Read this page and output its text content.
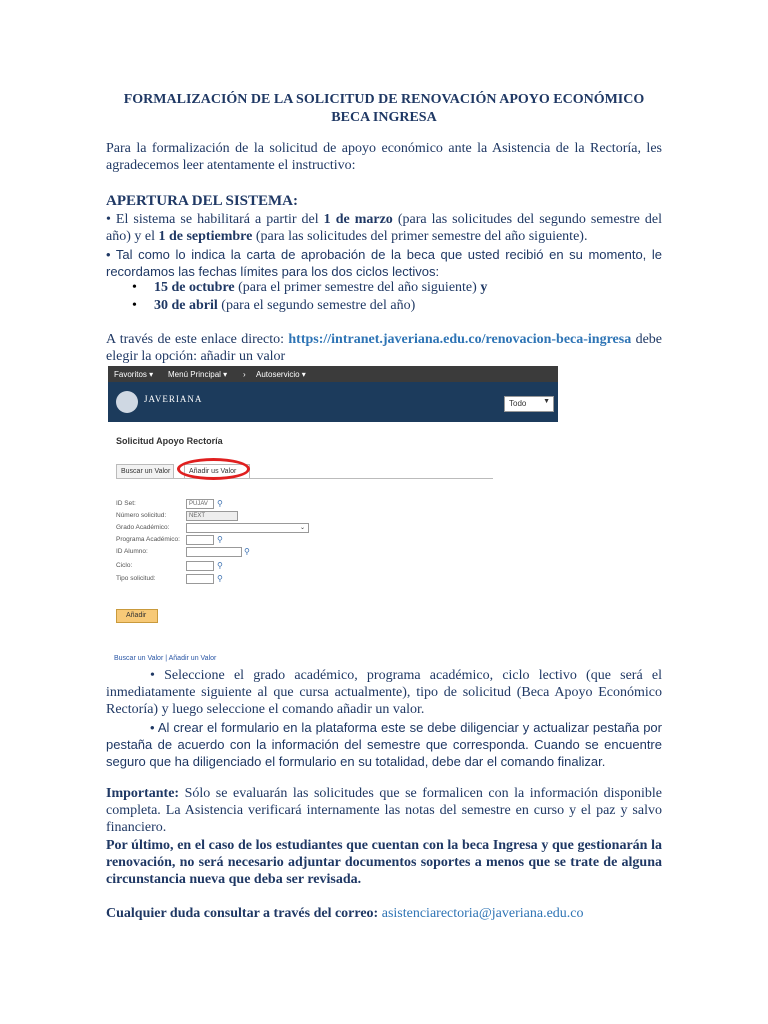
FORMALIZACIÓN DE LA SOLICITUD DE RENOVACIÓN APOYO ECONÓMICO
BECA INGRESA

Para la formalización de la solicitud de apoyo económico ante la Asistencia de la Rectoría, les agradecemos leer atentamente el instructivo:

APERTURA DEL SISTEMA:

• El sistema se habilitará a partir del 1 de marzo (para las solicitudes del segundo semestre del año) y el 1 de septiembre (para las solicitudes del primer semestre del año siguiente).

• Tal como lo indica la carta de aprobación de la beca que usted recibió en su momento, le recordamos las fechas límites para los dos ciclos lectivos:

• 15 de octubre (para el primer semestre del año siguiente) y
• 30 de abril (para el segundo semestre del año)

A través de este enlace directo: https://intranet.javeriana.edu.co/renovacion-beca-ingresa debe elegir la opción: añadir un valor

Favoritos ▾ Menú Principal ▾ › Autoservicio ▾
JAVERIANA	Todo ▼
Solicitud Apoyo Rectoría
Buscar un Valor	Añadir us Valor
ID Set:	PUJAV ⚲
Número solicitud:	NEXT
Grado Académico:	⌄
Programa Académico:	⚲
ID Alumno:	⚲
Ciclo:	⚲
Tipo solicitud:	⚲
Añadir
Buscar un Valor | Añadir un Valor

• Seleccione el grado académico, programa académico, ciclo lectivo (que será el inmediatamente siguiente al que cursa actualmente), tipo de solicitud (Beca Apoyo Económico Rectoría) y luego seleccione el comando añadir un valor.

• Al crear el formulario en la plataforma este se debe diligenciar y actualizar pestaña por pestaña de acuerdo con la información del semestre que corresponda. Cuando se encuentre seguro que ha diligenciado el formulario en su totalidad, debe dar el comando finalizar.

Importante: Sólo se evaluarán las solicitudes que se formalicen con la información disponible completa. La Asistencia verificará internamente las notas del semestre en curso y el paz y salvo financiero.

Por último, en el caso de los estudiantes que cuentan con la beca Ingresa y que gestionarán la renovación, no será necesario adjuntar documentos soportes a menos que se trate de alguna circunstancia nueva que deba ser revisada.

Cualquier duda consultar a través del correo: asistenciarectoria@javeriana.edu.co
